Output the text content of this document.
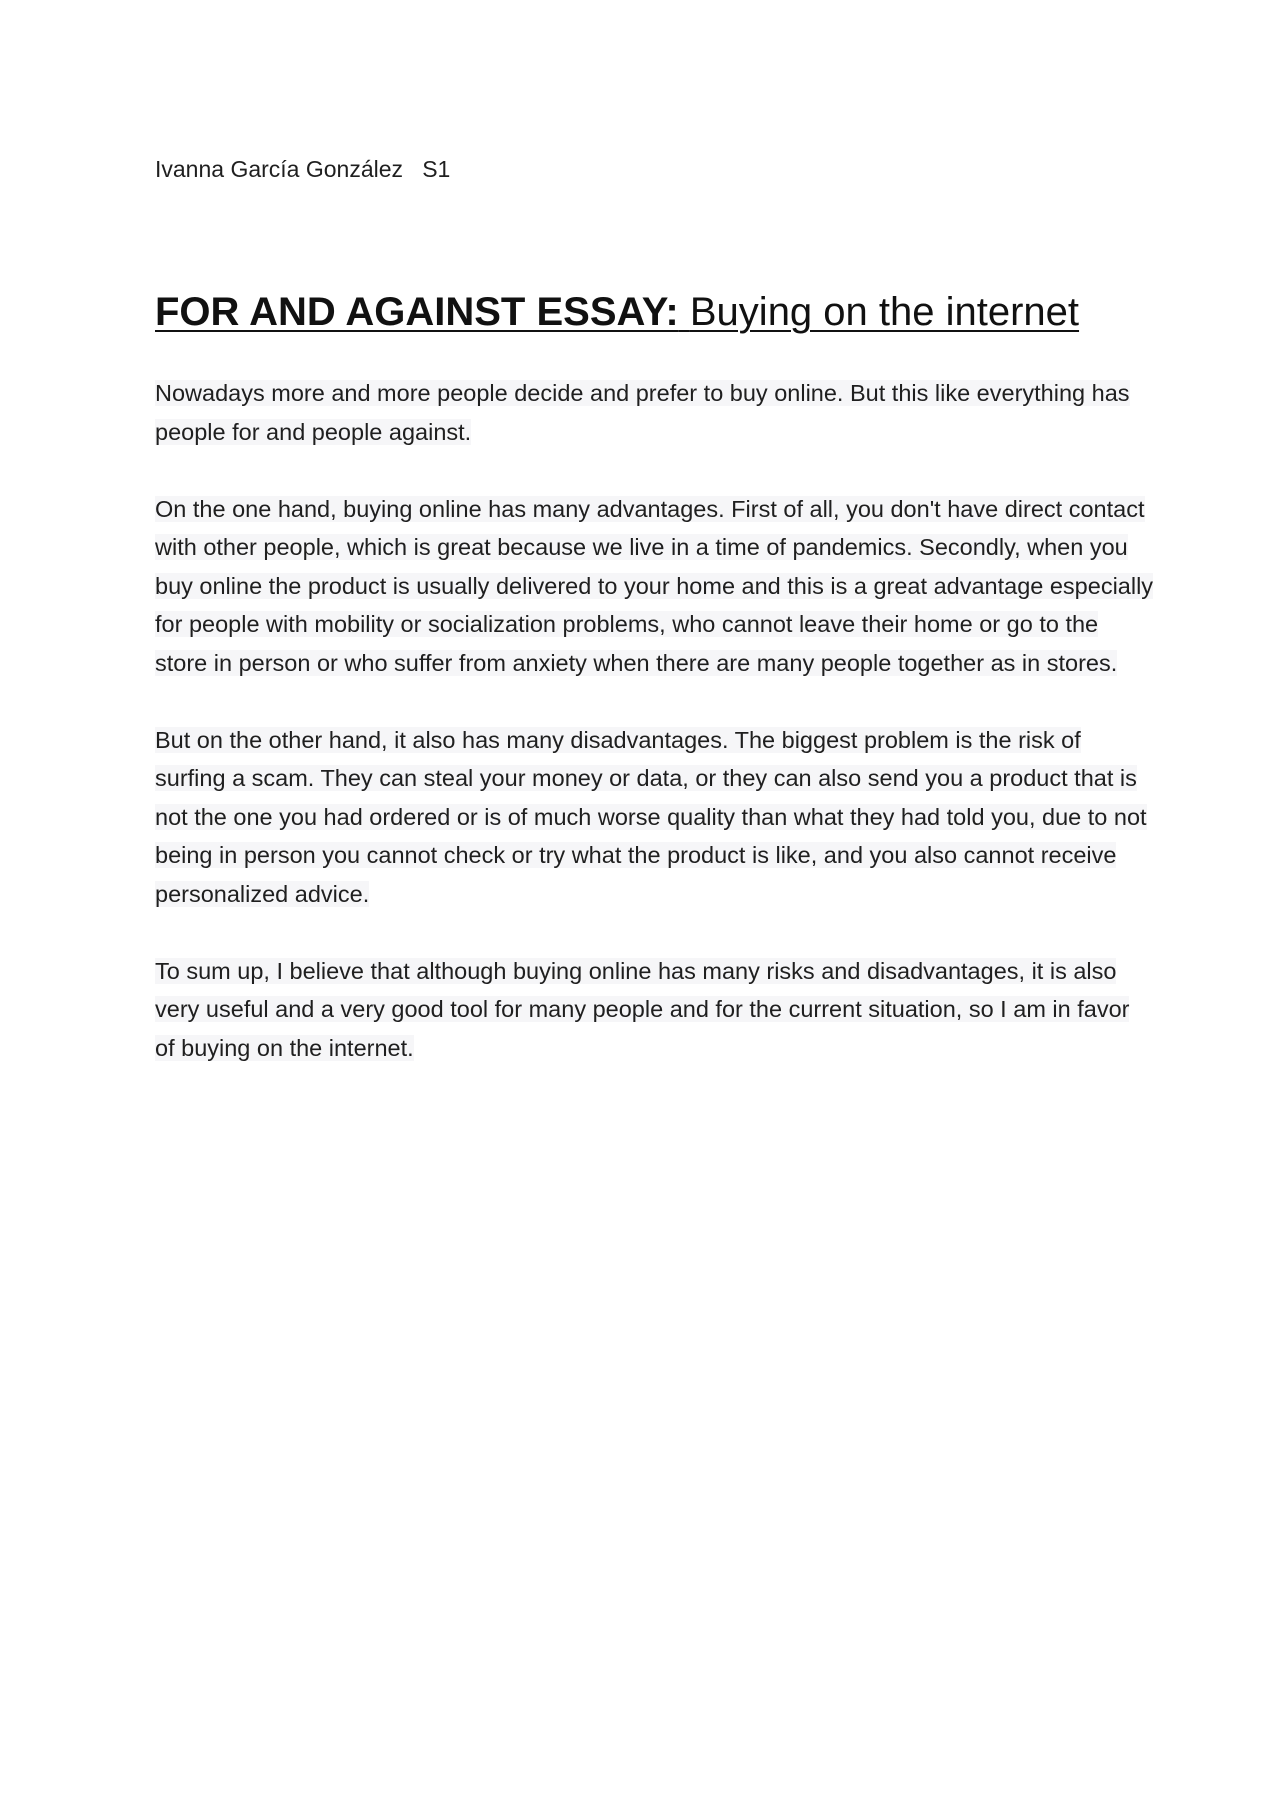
Ivanna García González S1

FOR AND AGAINST ESSAY: Buying on the internet

Nowadays more and more people decide and prefer to buy online. But this like everything has people for and people against.

On the one hand, buying online has many advantages. First of all, you don't have direct contact with other people, which is great because we live in a time of pandemics. Secondly, when you buy online the product is usually delivered to your home and this is a great advantage especially for people with mobility or socialization problems, who cannot leave their home or go to the store in person or who suffer from anxiety when there are many people together as in stores.

But on the other hand, it also has many disadvantages. The biggest problem is the risk of surfing a scam. They can steal your money or data, or they can also send you a product that is not the one you had ordered or is of much worse quality than what they had told you, due to not being in person you cannot check or try what the product is like, and you also cannot receive personalized advice.

To sum up, I believe that although buying online has many risks and disadvantages, it is also very useful and a very good tool for many people and for the current situation, so I am in favor of buying on the internet.
